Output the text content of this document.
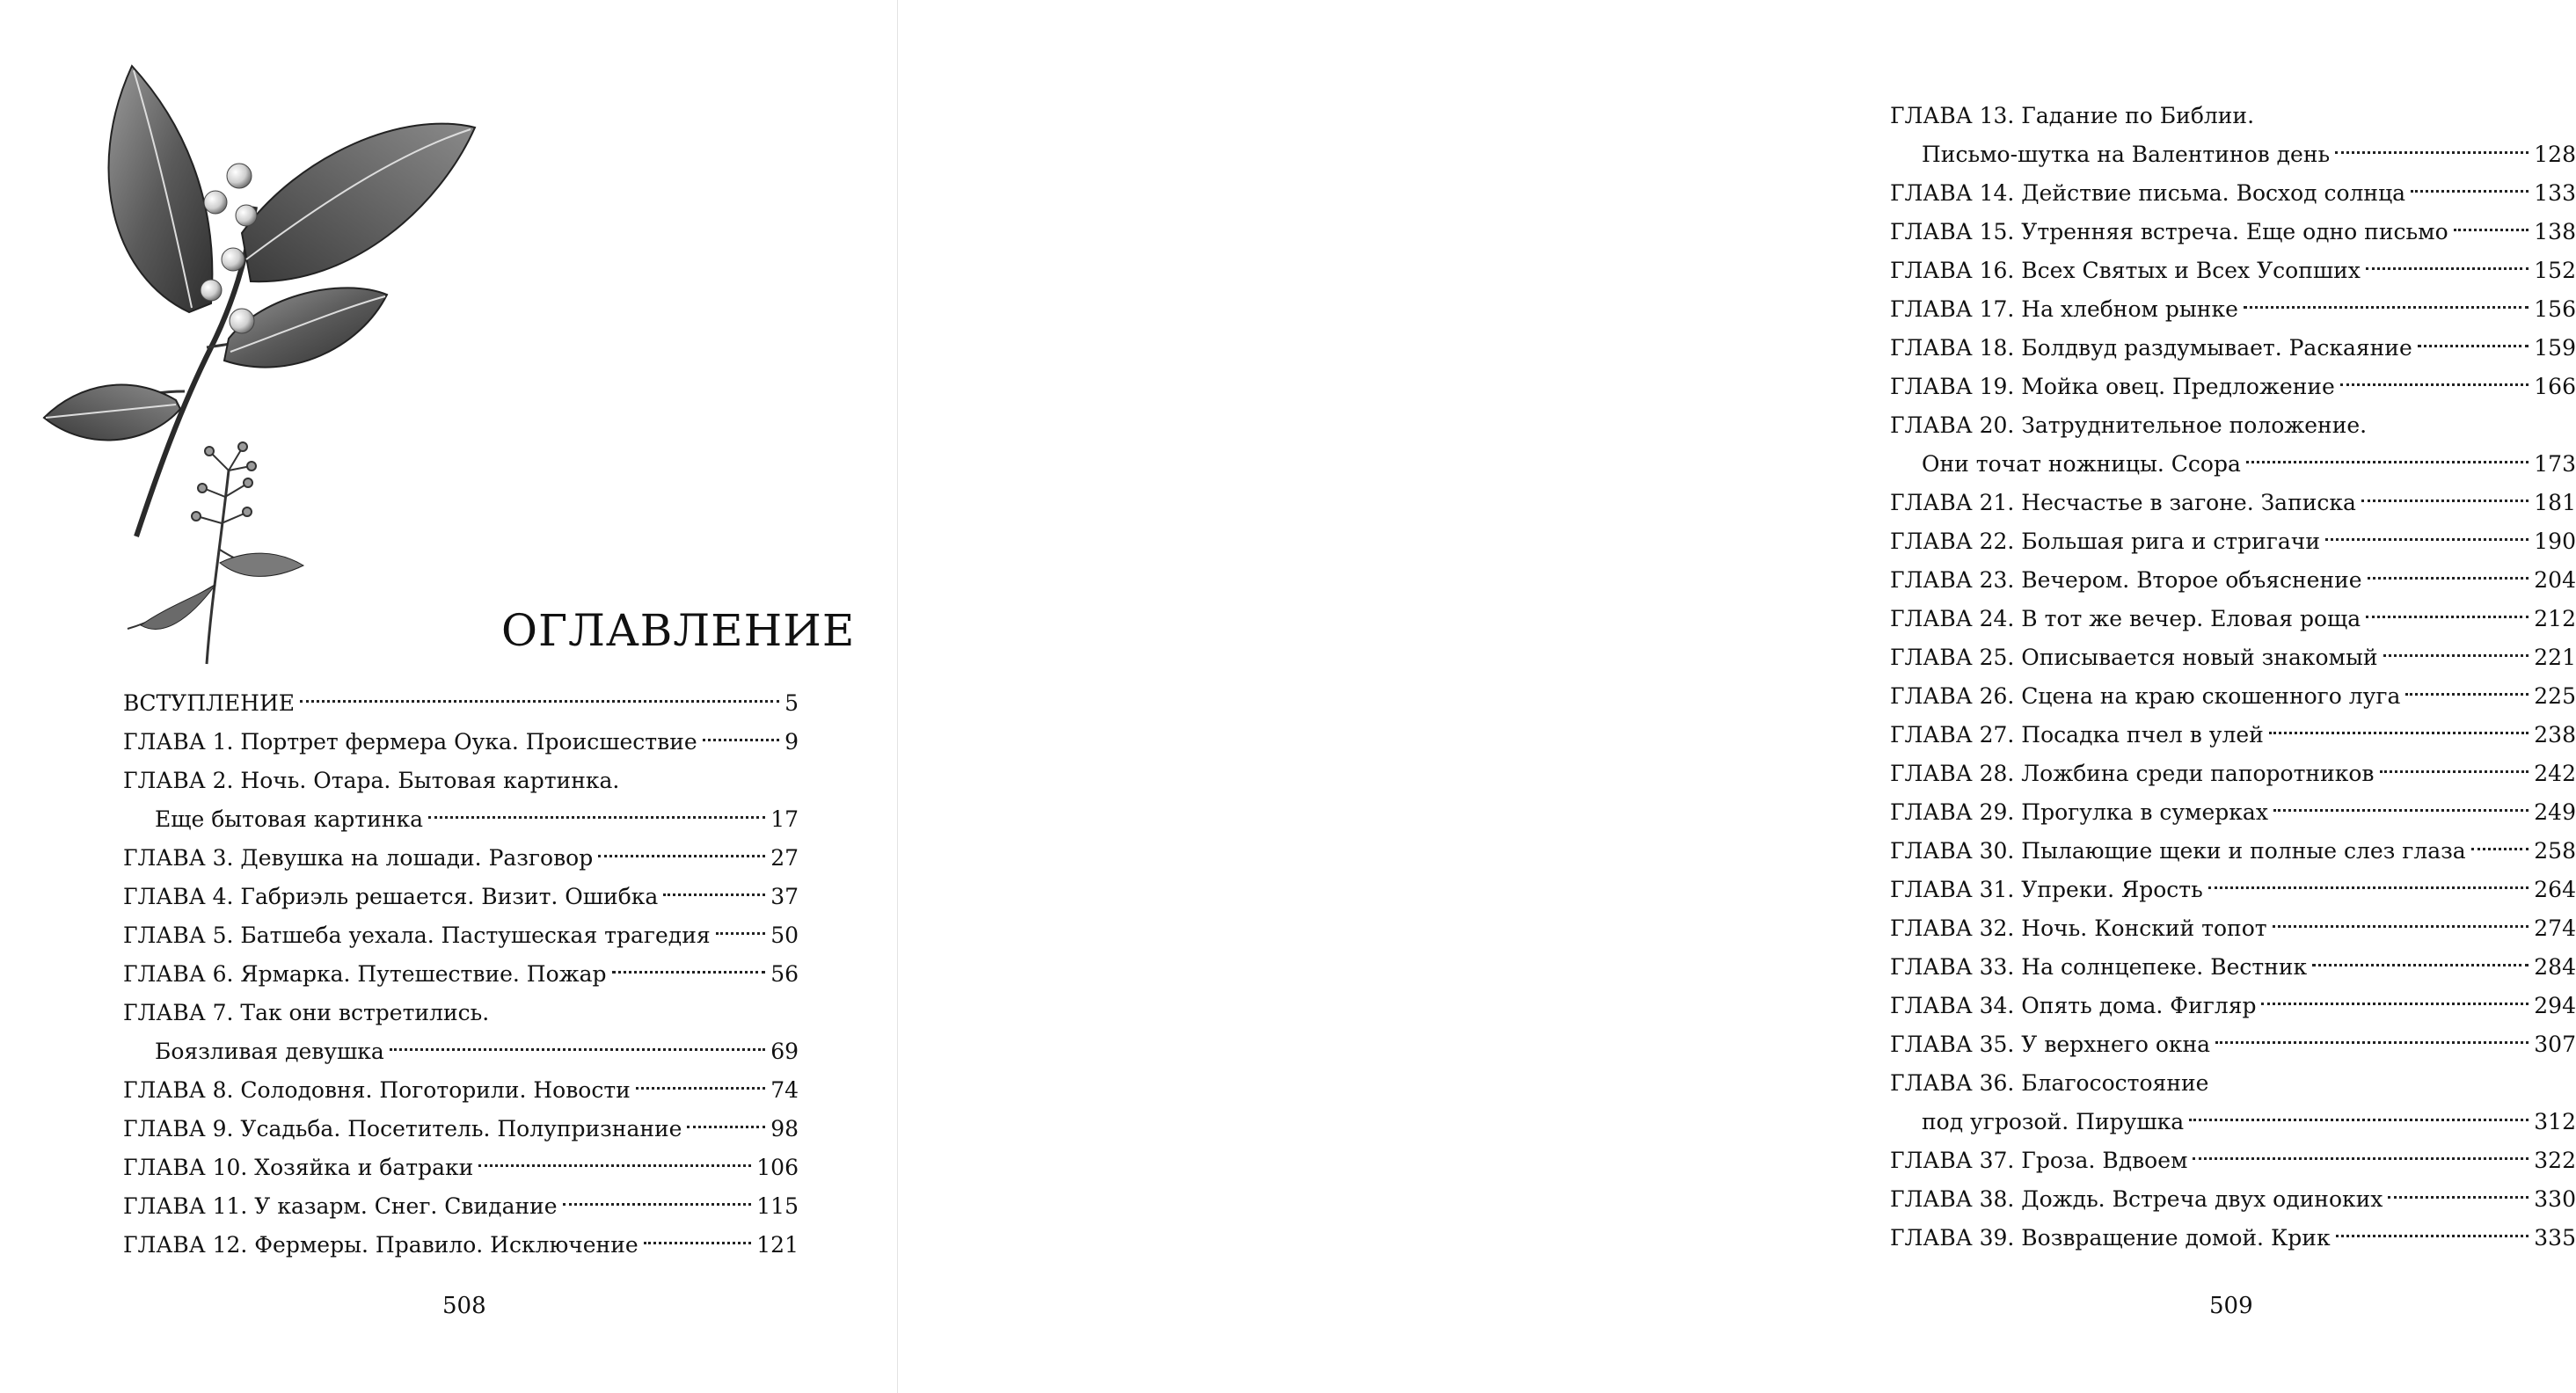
ОГЛАВЛЕНИЕ
ВСТУПЛЕНИЕ	5
ГЛАВА 1. Портрет фермера Оука. Происшествие	9
ГЛАВА 2. Ночь. Отара. Бытовая картинка.
Еще бытовая картинка	17
ГЛАВА 3. Девушка на лошади. Разговор	27
ГЛАВА 4. Габриэль решается. Визит. Ошибка	37
ГЛАВА 5. Батшеба уехала. Пастушеская трагедия	50
ГЛАВА 6. Ярмарка. Путешествие. Пожар	56
ГЛАВА 7. Так они встретились.
Боязливая девушка	69
ГЛАВА 8. Солодовня. Поготорили. Новости	74
ГЛАВА 9. Усадьба. Посетитель. Полупризнание	98
ГЛАВА 10. Хозяйка и батраки	106
ГЛАВА 11. У казарм. Снег. Свидание	115
ГЛАВА 12. Фермеры. Правило. Исключение	121
508
ГЛАВА 13. Гадание по Библии.
Письмо-шутка на Валентинов день	128
ГЛАВА 14. Действие письма. Восход солнца	133
ГЛАВА 15. Утренняя встреча. Еще одно письмо	138
ГЛАВА 16. Всех Святых и Всех Усопших	152
ГЛАВА 17. На хлебном рынке	156
ГЛАВА 18. Болдвуд раздумывает. Раскаяние	159
ГЛАВА 19. Мойка овец. Предложение	166
ГЛАВА 20. Затруднительное положение.
Они точат ножницы. Ссора	173
ГЛАВА 21. Несчастье в загоне. Записка	181
ГЛАВА 22. Большая рига и стригачи	190
ГЛАВА 23. Вечером. Второе объяснение	204
ГЛАВА 24. В тот же вечер. Еловая роща	212
ГЛАВА 25. Описывается новый знакомый	221
ГЛАВА 26. Сцена на краю скошенного луга	225
ГЛАВА 27. Посадка пчел в улей	238
ГЛАВА 28. Ложбина среди папоротников	242
ГЛАВА 29. Прогулка в сумерках	249
ГЛАВА 30. Пылающие щеки и полные слез глаза	258
ГЛАВА 31. Упреки. Ярость	264
ГЛАВА 32. Ночь. Конский топот	274
ГЛАВА 33. На солнцепеке. Вестник	284
ГЛАВА 34. Опять дома. Фигляр	294
ГЛАВА 35. У верхнего окна	307
ГЛАВА 36. Благосостояние
под угрозой. Пирушка	312
ГЛАВА 37. Гроза. Вдвоем	322
ГЛАВА 38. Дождь. Встреча двух одиноких	330
ГЛАВА 39. Возвращение домой. Крик	335
509
